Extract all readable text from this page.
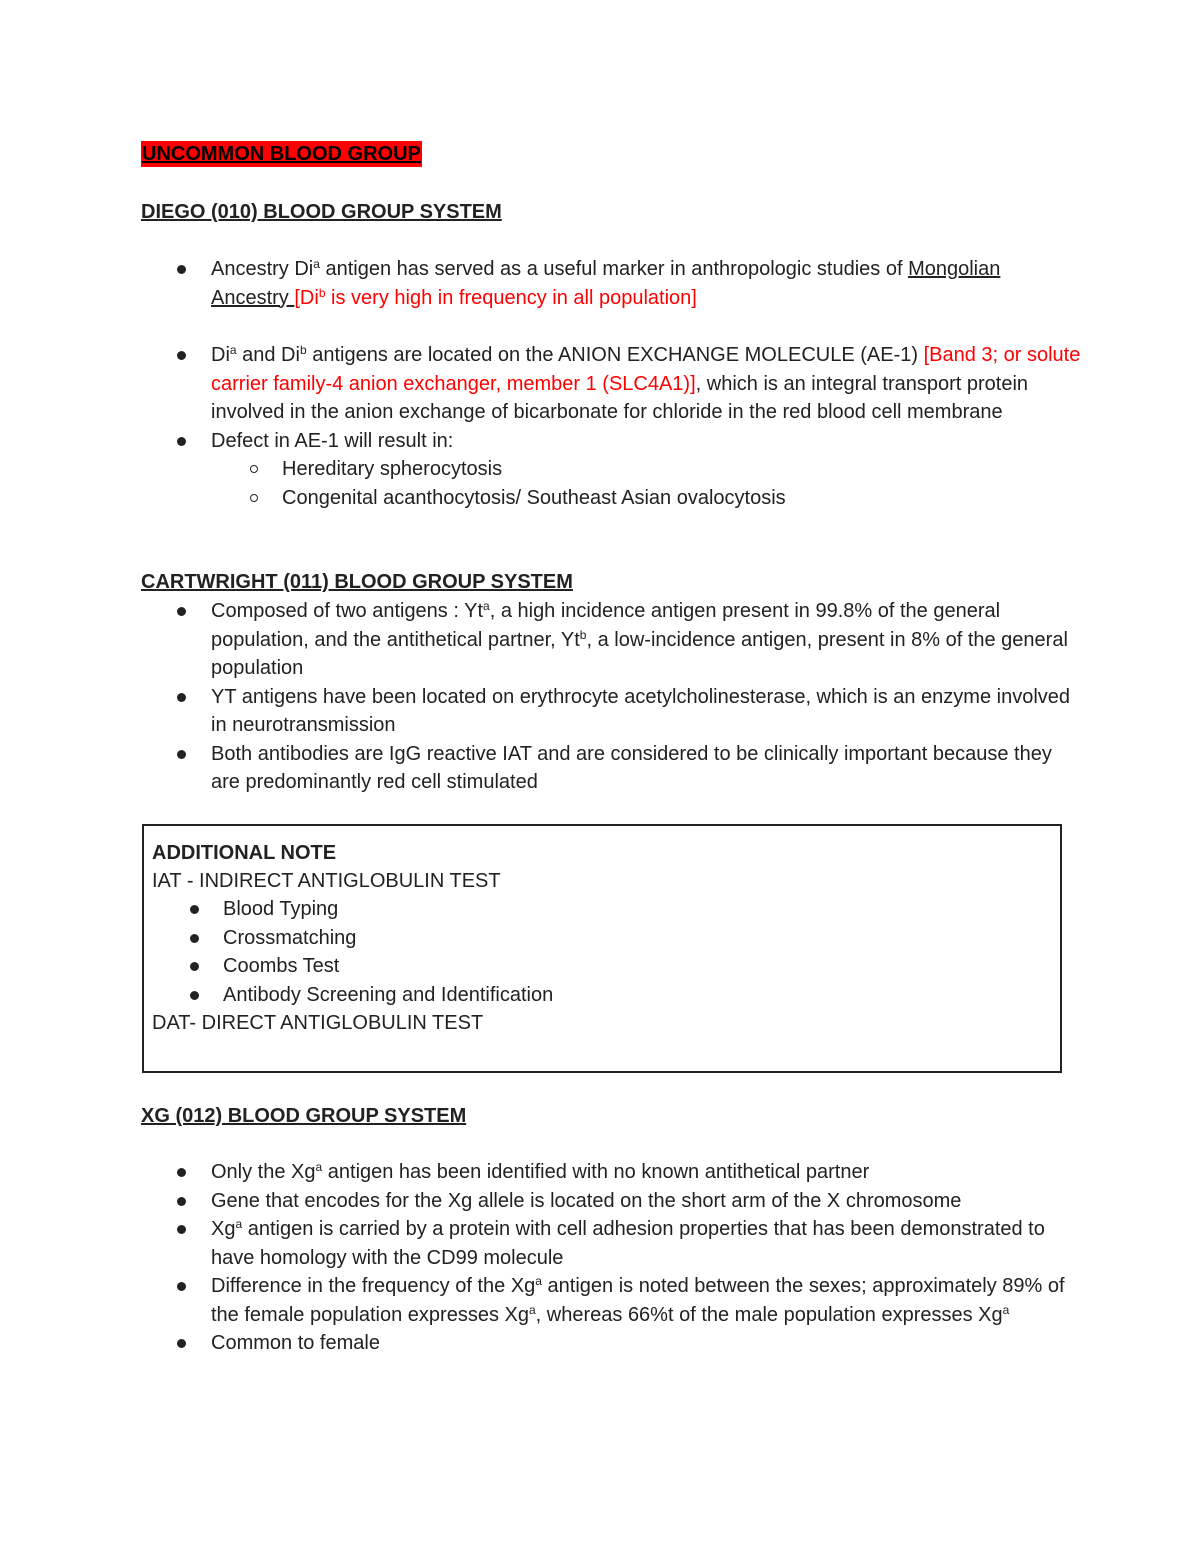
UNCOMMON BLOOD GROUP
DIEGO (010) BLOOD GROUP SYSTEM
Ancestry Di$^a$ antigen has served as a useful marker in anthropologic studies of Mongolian Ancestry [Di$^b$ is very high in frequency in all population]
Di$^a$ and Di$^b$ antigens are located on the ANION EXCHANGE MOLECULE (AE-1) [Band 3; or solute carrier family-4 anion exchanger, member 1 (SLC4A1)], which is an integral transport protein involved in the anion exchange of bicarbonate for chloride in the red blood cell membrane
Defect in AE-1 will result in:
Hereditary spherocytosis
Congenital acanthocytosis/ Southeast Asian ovalocytosis
CARTWRIGHT (011) BLOOD GROUP SYSTEM
Composed of two antigens : Yt$^a$, a high incidence antigen present in 99.8% of the general population, and the antithetical partner, Yt$^b$, a low-incidence antigen, present in 8% of the general population
YT antigens have been located on erythrocyte acetylcholinesterase, which is an enzyme involved in neurotransmission
Both antibodies are IgG reactive IAT and are considered to be clinically important because they are predominantly red cell stimulated
ADDITIONAL NOTE
IAT - INDIRECT ANTIGLOBULIN TEST
Blood Typing
Crossmatching
Coombs Test
Antibody Screening and Identification
DAT- DIRECT ANTIGLOBULIN TEST
XG (012) BLOOD GROUP SYSTEM
Only the Xg$^a$ antigen has been identified with no known antithetical partner
Gene that encodes for the Xg allele is located on the short arm of the X chromosome
Xg$^a$ antigen is carried by a protein with cell adhesion properties that has been demonstrated to have homology with the CD99 molecule
Difference in the frequency of the Xg$^a$ antigen is noted between the sexes; approximately 89% of the female population expresses Xg$^a$, whereas 66%t of the male population expresses Xg$^a$
Common to female
